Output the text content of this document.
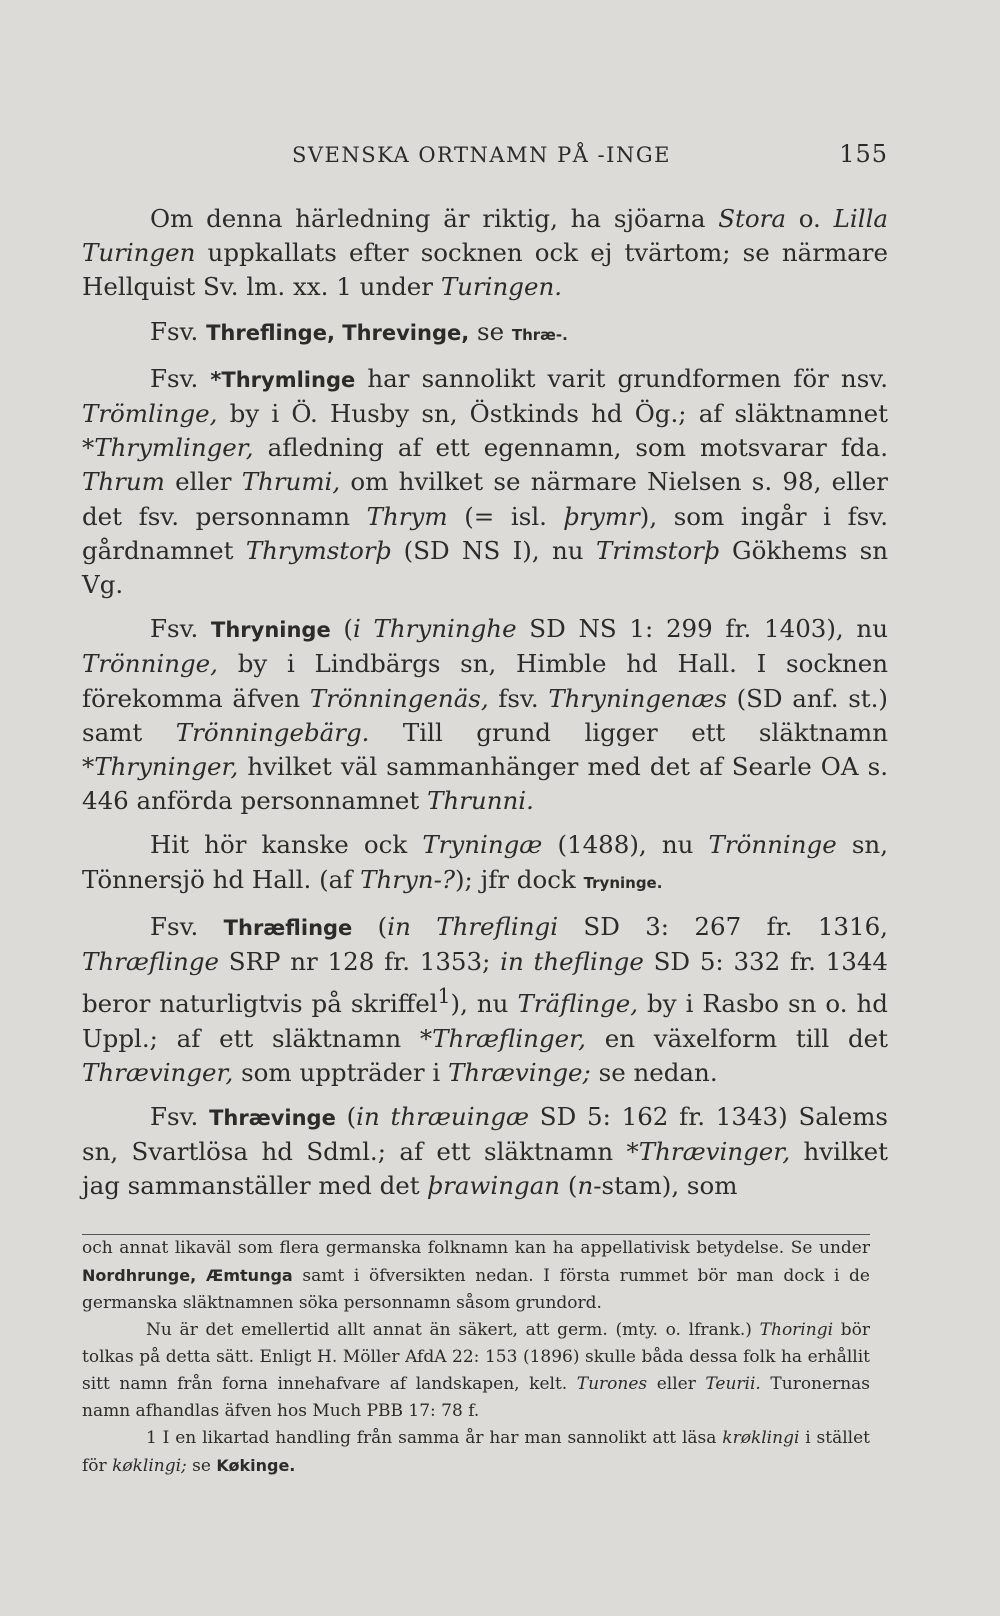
SVENSKA ORTNAMN PÅ -INGE	155

Om denna härledning är riktig, ha sjöarna Stora o. Lilla Turingen uppkallats efter socknen ock ej tvärtom; se närmare Hellquist Sv. lm. xx. 1 under Turingen.

Fsv. Threflinge, Threvinge, se Thræ-.

Fsv. *Thrymlinge har sannolikt varit grundformen för nsv. Trömlinge, by i Ö. Husby sn, Östkinds hd Ög.; af släktnamnet *Thrymlinger, afledning af ett egennamn, som motsvarar fda. Thrum eller Thrumi, om hvilket se närmare Nielsen s. 98, eller det fsv. personnamn Thrym (= isl. þrymr), som ingår i fsv. gårdnamnet Thrymstorþ (SD NS I), nu Trimstorþ Gökhems sn Vg.

Fsv. Thryninge (i Thryninghe SD NS 1: 299 fr. 1403), nu Trönninge, by i Lindbärgs sn, Himble hd Hall. I socknen förekomma äfven Trönningenäs, fsv. Thryningenæs (SD anf. st.) samt Trönningebärg. Till grund ligger ett släktnamn *Thryninger, hvilket väl sammanhänger med det af Searle OA s. 446 anförda personnamnet Thrunni.

Hit hör kanske ock Tryningæ (1488), nu Trönninge sn, Tönnersjö hd Hall. (af Thryn-?); jfr dock Tryninge.

Fsv. Thræflinge (in Threflingi SD 3: 267 fr. 1316, Thræflinge SRP nr 128 fr. 1353; in theflinge SD 5: 332 fr. 1344 beror naturligtvis på skriffel$^1$), nu Träflinge, by i Rasbo sn o. hd Uppl.; af ett släktnamn *Thræflinger, en växelform till det Thrævinger, som uppträder i Thrævinge; se nedan.

Fsv. Thrævinge (in thræuingæ SD 5: 162 fr. 1343) Salems sn, Svartlösa hd Sdml.; af ett släktnamn *Thrævinger, hvilket jag sammanställer med det þrawingan (n-stam), som

och annat likaväl som flera germanska folknamn kan ha appellativisk betydelse. Se under Nordhrunge, Æmtunga samt i öfversikten nedan. I första rummet bör man dock i de germanska släktnamnen söka personnamn såsom grundord.

Nu är det emellertid allt annat än säkert, att germ. (mty. o. lfrank.) Thoringi bör tolkas på detta sätt. Enligt H. Möller AfdA 22: 153 (1896) skulle båda dessa folk ha erhållit sitt namn från forna innehafvare af landskapen, kelt. Turones eller Teurii. Turonernas namn afhandlas äfven hos Much PBB 17: 78 f.

1 I en likartad handling från samma år har man sannolikt att läsa krøklingi i stället för køklingi; se Køkinge.
